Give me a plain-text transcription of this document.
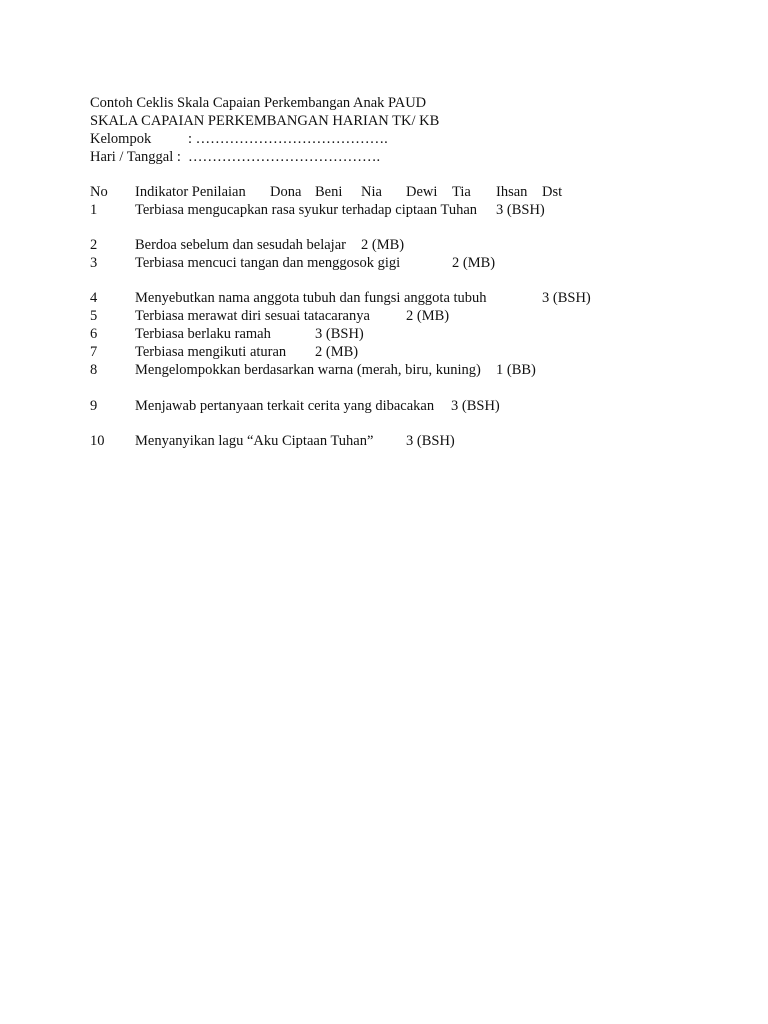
Contoh Ceklis Skala Capaian Perkembangan Anak PAUD
SKALA CAPAIAN PERKEMBANGAN HARIAN TK/ KB
Kelompok	: ………………………………….
Hari / Tanggal : ………………………………….
No Indikator Penilaian Dona Beni Nia Dewi Tia Ihsan Dst
1	Terbiasa mengucapkan rasa syukur terhadap ciptaan Tuhan 3 (BSH)
2	Berdoa sebelum dan sesudah belajar 2 (MB)
3	Terbiasa mencuci tangan dan menggosok gigi	2 (MB)
4	Menyebutkan nama anggota tubuh dan fungsi anggota tubuh	3 (BSH)
5	Terbiasa merawat diri sesuai tatacaranya 2 (MB)
6	Terbiasa berlaku ramah	3 (BSH)
7	Terbiasa mengikuti aturan 2 (MB)
8	Mengelompokkan berdasarkan warna (merah, biru, kuning) 1 (BB)
9	Menjawab pertanyaan terkait cerita yang dibacakan 3 (BSH)
10 Menyanyikan lagu “Aku Ciptaan Tuhan” 3 (BSH)
